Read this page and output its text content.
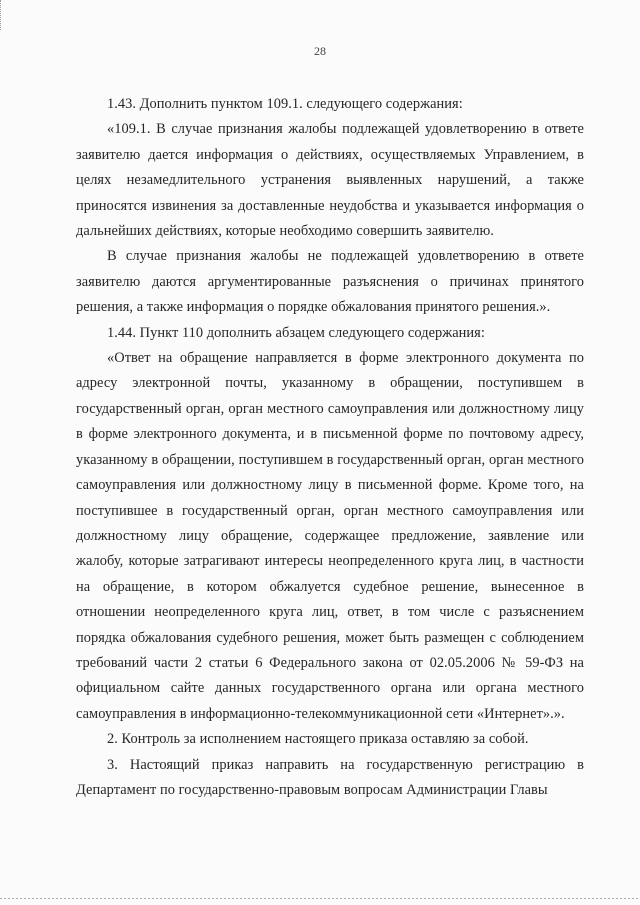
28

1.43. Дополнить пунктом 109.1. следующего содержания:

«109.1. В случае признания жалобы подлежащей удовлетворению в ответе заявителю дается информация о действиях, осуществляемых Управлением, в целях незамедлительного устранения выявленных нарушений, а также приносятся извинения за доставленные неудобства и указывается информация о дальнейших действиях, которые необходимо совершить заявителю.

В случае признания жалобы не подлежащей удовлетворению в ответе заявителю даются аргументированные разъяснения о причинах принятого решения, а также информация о порядке обжалования принятого решения.».

1.44. Пункт 110 дополнить абзацем следующего содержания:

«Ответ на обращение направляется в форме электронного документа по адресу электронной почты, указанному в обращении, поступившем в государственный орган, орган местного самоуправления или должностному лицу в форме электронного документа, и в письменной форме по почтовому адресу, указанному в обращении, поступившем в государственный орган, орган местного самоуправления или должностному лицу в письменной форме. Кроме того, на поступившее в государственный орган, орган местного самоуправления или должностному лицу обращение, содержащее предложение, заявление или жалобу, которые затрагивают интересы неопределенного круга лиц, в частности на обращение, в котором обжалуется судебное решение, вынесенное в отношении неопределенного круга лиц, ответ, в том числе с разъяснением порядка обжалования судебного решения, может быть размещен с соблюдением требований части 2 статьи 6 Федерального закона от 02.05.2006 № 59-ФЗ на официальном сайте данных государственного органа или органа местного самоуправления в информационно-телекоммуникационной сети «Интернет».».

2. Контроль за исполнением настоящего приказа оставляю за собой.

3. Настоящий приказ направить на государственную регистрацию в Департамент по государственно-правовым вопросам Администрации Главы
